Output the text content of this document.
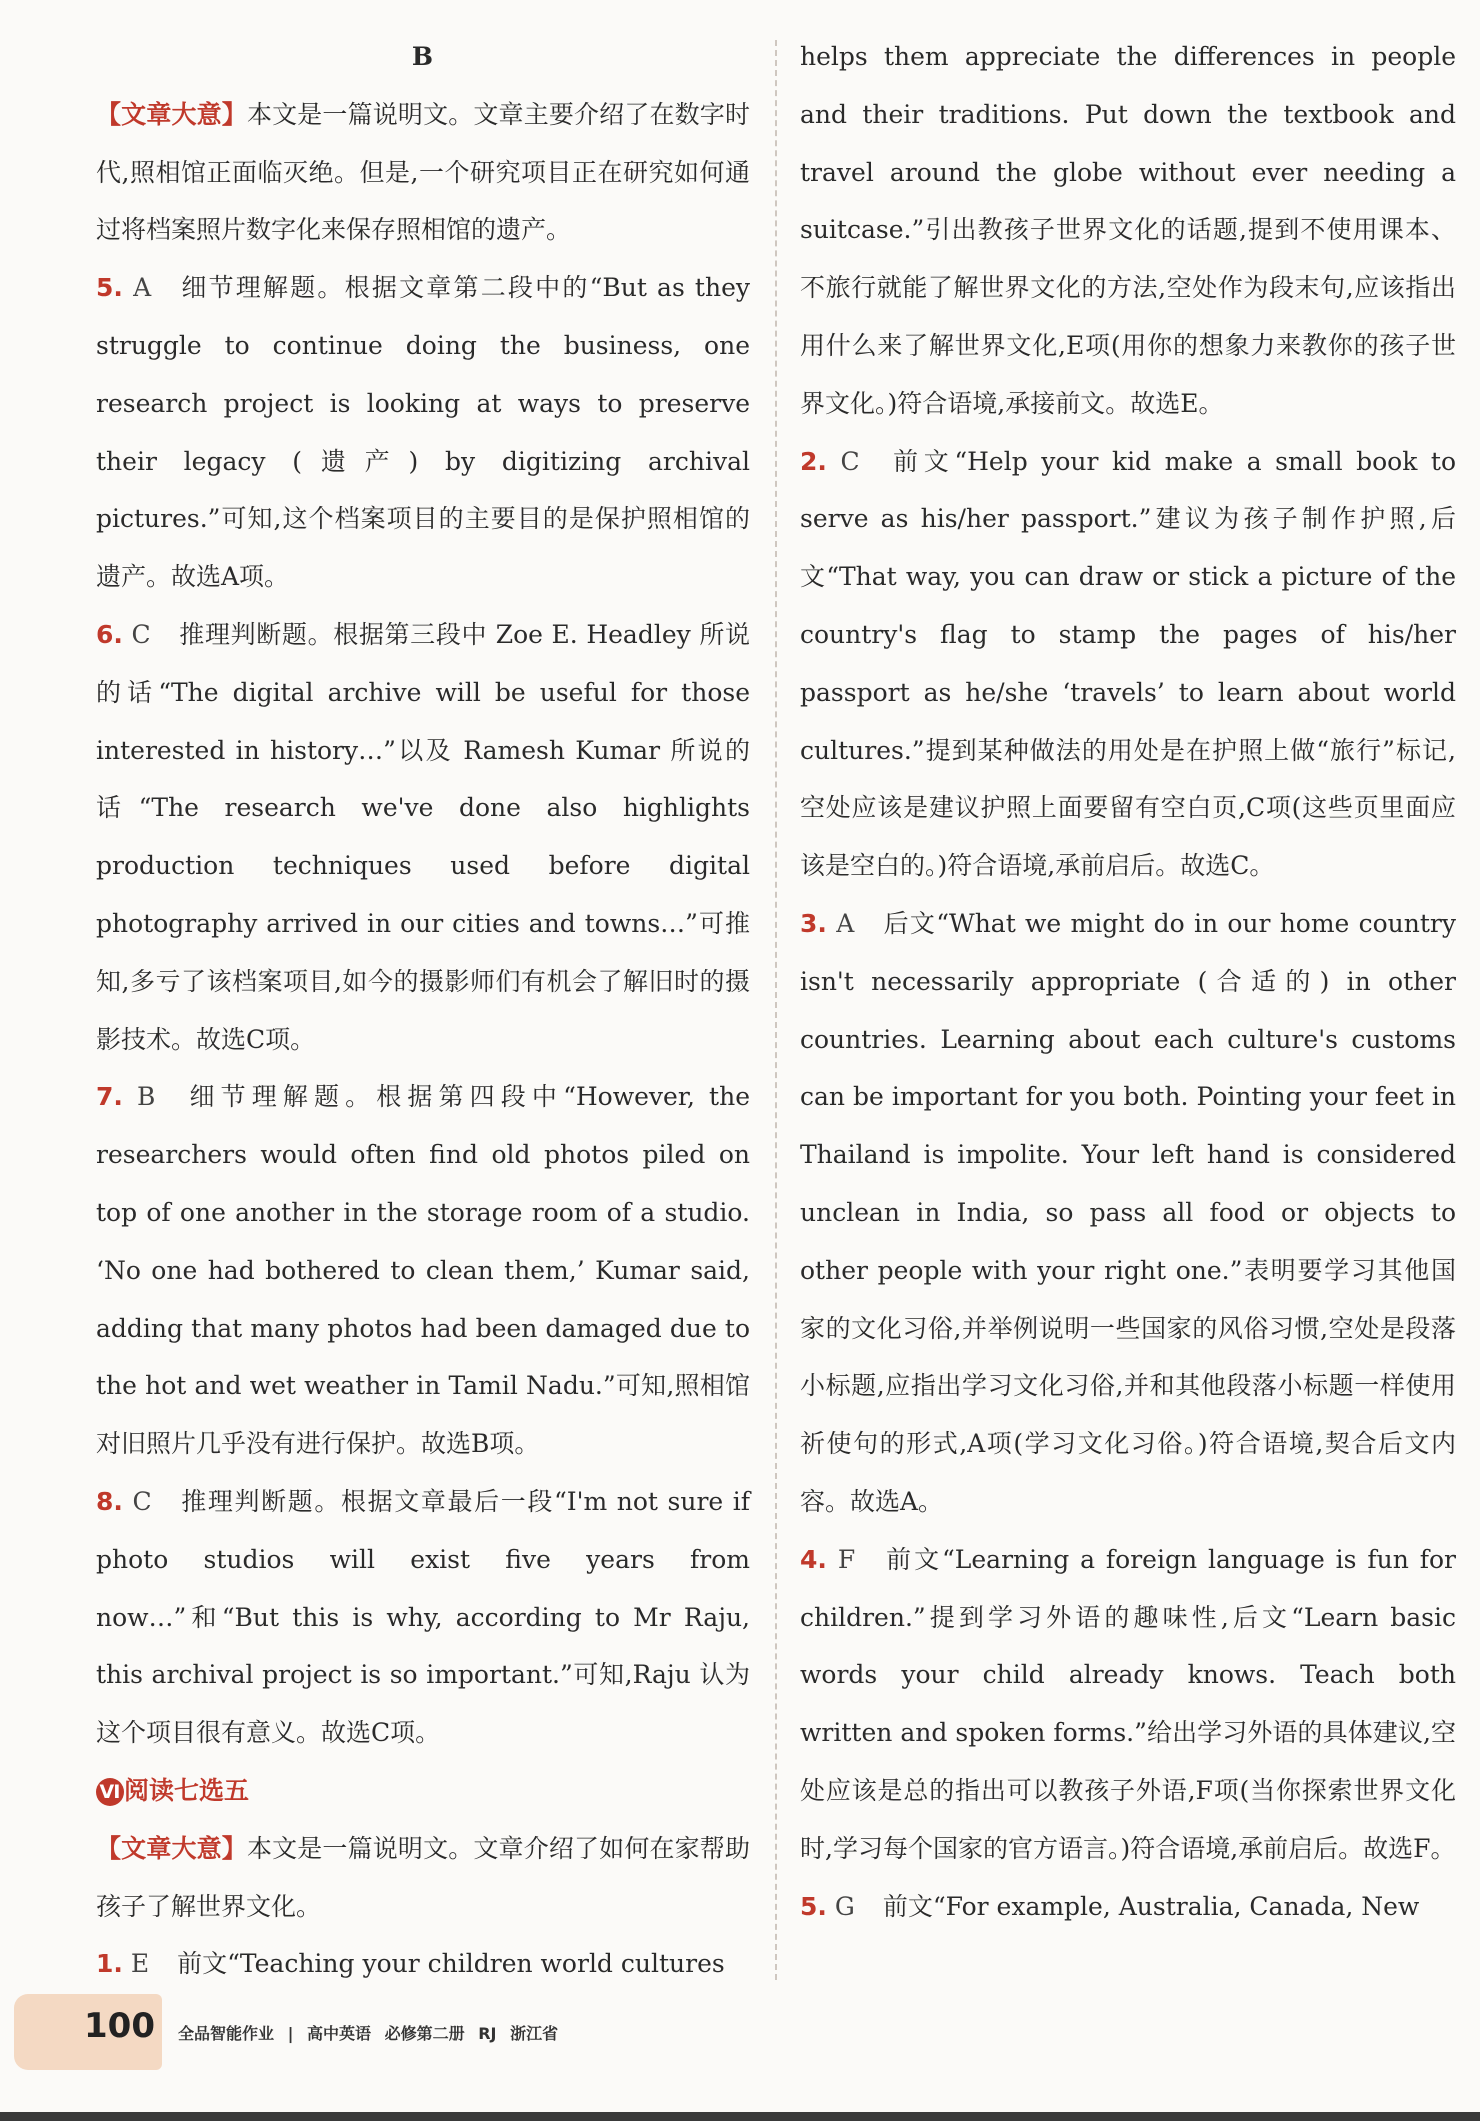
B
【文章大意】本文是一篇说明文。文章主要介绍了在数字时代,照相馆正面临灭绝。但是,一个研究项目正在研究如何通过将档案照片数字化来保存照相馆的遗产。
5. A 细节理解题。根据文章第二段中的“But as they struggle to continue doing the business, one research project is looking at ways to preserve their legacy (遗产) by digitizing archival pictures.”可知,这个档案项目的主要目的是保护照相馆的遗产。故选A项。
6. C 推理判断题。根据第三段中 Zoe E. Headley 所说的话“The digital archive will be useful for those interested in history…”以及 Ramesh Kumar 所说的话“The research we've done also highlights production techniques used before digital photography arrived in our cities and towns…”可推知,多亏了该档案项目,如今的摄影师们有机会了解旧时的摄影技术。故选C项。
7. B 细节理解题。根据第四段中“However, the researchers would often find old photos piled on top of one another in the storage room of a studio. ‘No one had bothered to clean them,’ Kumar said, adding that many photos had been damaged due to the hot and wet weather in Tamil Nadu.”可知,照相馆对旧照片几乎没有进行保护。故选B项。
8. C 推理判断题。根据文章最后一段“I'm not sure if photo studios will exist five years from now…”和“But this is why, according to Mr Raju, this archival project is so important.”可知,Raju 认为这个项目很有意义。故选C项。
Ⅵ 阅读七选五
【文章大意】本文是一篇说明文。文章介绍了如何在家帮助孩子了解世界文化。
1. E 前文“Teaching your children world cultures
helps them appreciate the differences in people and their traditions. Put down the textbook and travel around the globe without ever needing a suitcase.”引出教孩子世界文化的话题,提到不使用课本、不旅行就能了解世界文化的方法,空处作为段末句,应该指出用什么来了解世界文化,E项(用你的想象力来教你的孩子世界文化。)符合语境,承接前文。故选E。
2. C 前文“Help your kid make a small book to serve as his/her passport.”建议为孩子制作护照,后文“That way, you can draw or stick a picture of the country's flag to stamp the pages of his/her passport as he/she ‘travels’ to learn about world cultures.”提到某种做法的用处是在护照上做“旅行”标记,空处应该是建议护照上面要留有空白页,C项(这些页里面应该是空白的。)符合语境,承前启后。故选C。
3. A 后文“What we might do in our home country isn't necessarily appropriate (合适的) in other countries. Learning about each culture's customs can be important for you both. Pointing your feet in Thailand is impolite. Your left hand is considered unclean in India, so pass all food or objects to other people with your right one.”表明要学习其他国家的文化习俗,并举例说明一些国家的风俗习惯,空处是段落小标题,应指出学习文化习俗,并和其他段落小标题一样使用祈使句的形式,A项(学习文化习俗。)符合语境,契合后文内容。故选A。
4. F 前文“Learning a foreign language is fun for children.”提到学习外语的趣味性,后文“Learn basic words your child already knows. Teach both written and spoken forms.”给出学习外语的具体建议,空处应该是总的指出可以教孩子外语,F项(当你探索世界文化时,学习每个国家的官方语言。)符合语境,承前启后。故选F。
5. G 前文“For example, Australia, Canada, New
100 全品智能作业 | 高中英语 必修第二册 RJ 浙江省
